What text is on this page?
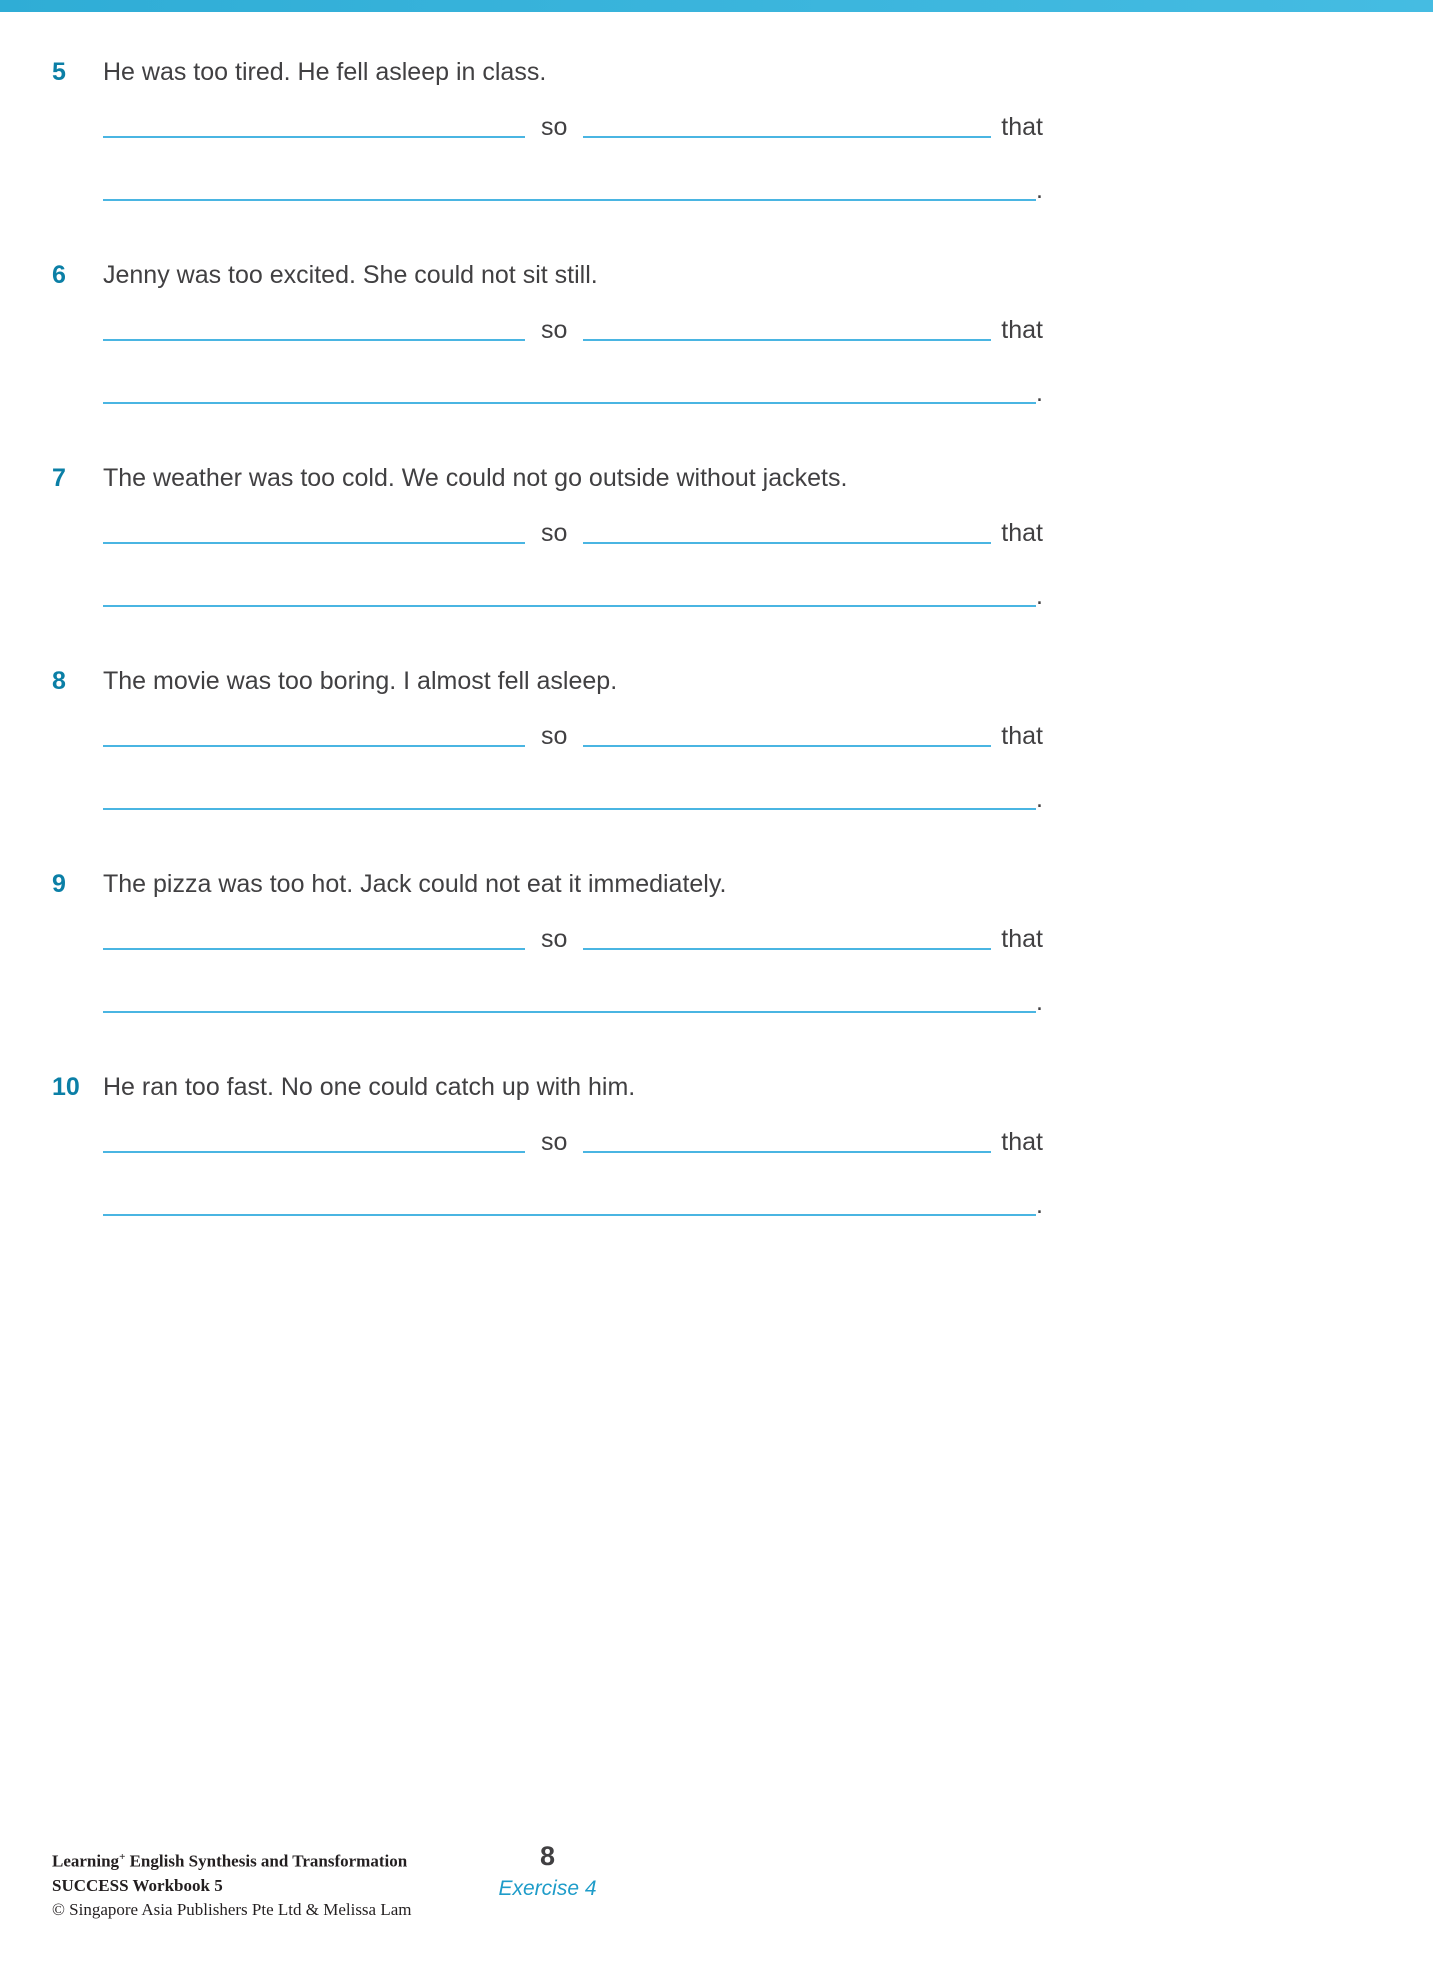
5	He was too tired. He fell asleep in class.
so	that
.
6	Jenny was too excited. She could not sit still.
so	that
.
7	The weather was too cold. We could not go outside without jackets.
so	that
.
8	The movie was too boring. I almost fell asleep.
so	that
.
9	The pizza was too hot. Jack could not eat it immediately.
so	that
.
10 He ran too fast. No one could catch up with him.
so	that
.
Learning+ English Synthesis and Transformation
SUCCESS Workbook 5
© Singapore Asia Publishers Pte Ltd & Melissa Lam
8
Exercise 4
